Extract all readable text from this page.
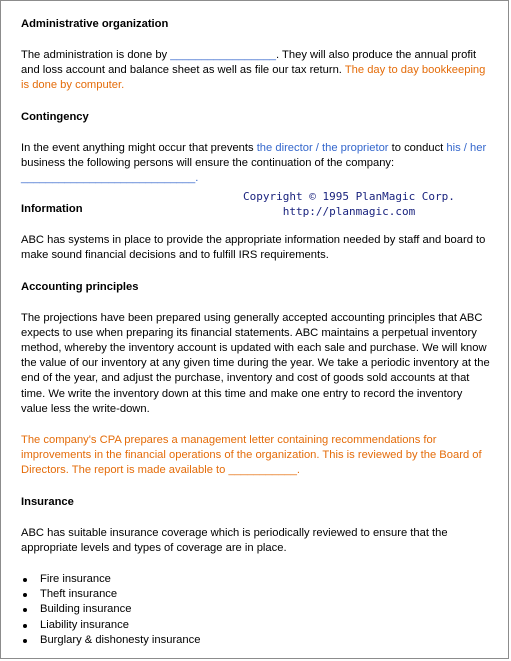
Administrative organization

The administration is done by _________________. They will also produce the annual profit and loss account and balance sheet as well as file our tax return. The day to day bookkeeping is done by computer.

Contingency

In the event anything might occur that prevents the director / the proprietor to conduct his / her business the following persons will ensure the continuation of the company:
____________________________.

Information

ABC has systems in place to provide the appropriate information needed by staff and board to make sound financial decisions and to fulfill IRS requirements.

Accounting principles

The projections have been prepared using generally accepted accounting principles that ABC expects to use when preparing its financial statements. ABC maintains a perpetual inventory method, whereby the inventory account is updated with each sale and purchase. We will know the value of our inventory at any given time during the year. We take a periodic inventory at the end of the year, and adjust the purchase, inventory and cost of goods sold accounts at that time. We write the inventory down at this time and make one entry to record the inventory value less the write-down.

The company's CPA prepares a management letter containing recommendations for improvements in the financial operations of the organization. This is reviewed by the Board of Directors. The report is made available to ___________.

Insurance

ABC has suitable insurance coverage which is periodically reviewed to ensure that the appropriate levels and types of coverage are in place.

Fire insurance
Theft insurance
Building insurance
Liability insurance
Burglary & dishonesty insurance
Copyright © 1995 PlanMagic Corp.
http://planmagic.com
